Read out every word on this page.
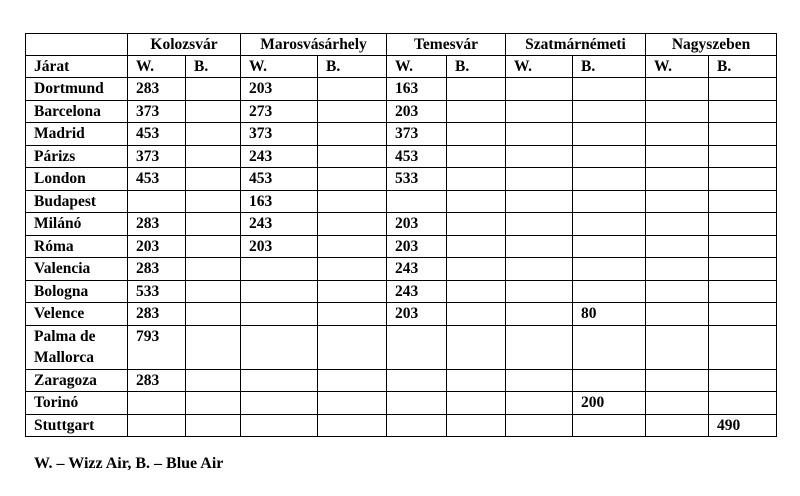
	Kolozsvár		Marosvásárhely		Temesvár		Szatmárnémeti		Nagyszeben	
Járat	W.	B.	W.	B.	W.	B.	W.	B.	W.	B.
Dortmund	283		203		163					
Barcelona	373		273		203					
Madrid	453		373		373					
Párizs	373		243		453					
London	453		453		533					
Budapest			163							
Milánó	283		243		203					
Róma	203		203		203					
Valencia	283				243					
Bologna	533				243					
Velence	283				203			80		
Palma de Mallorca	793									
Zaragoza	283									
Torinó								200		
Stuttgart										490
W. – Wizz Air, B. – Blue Air
